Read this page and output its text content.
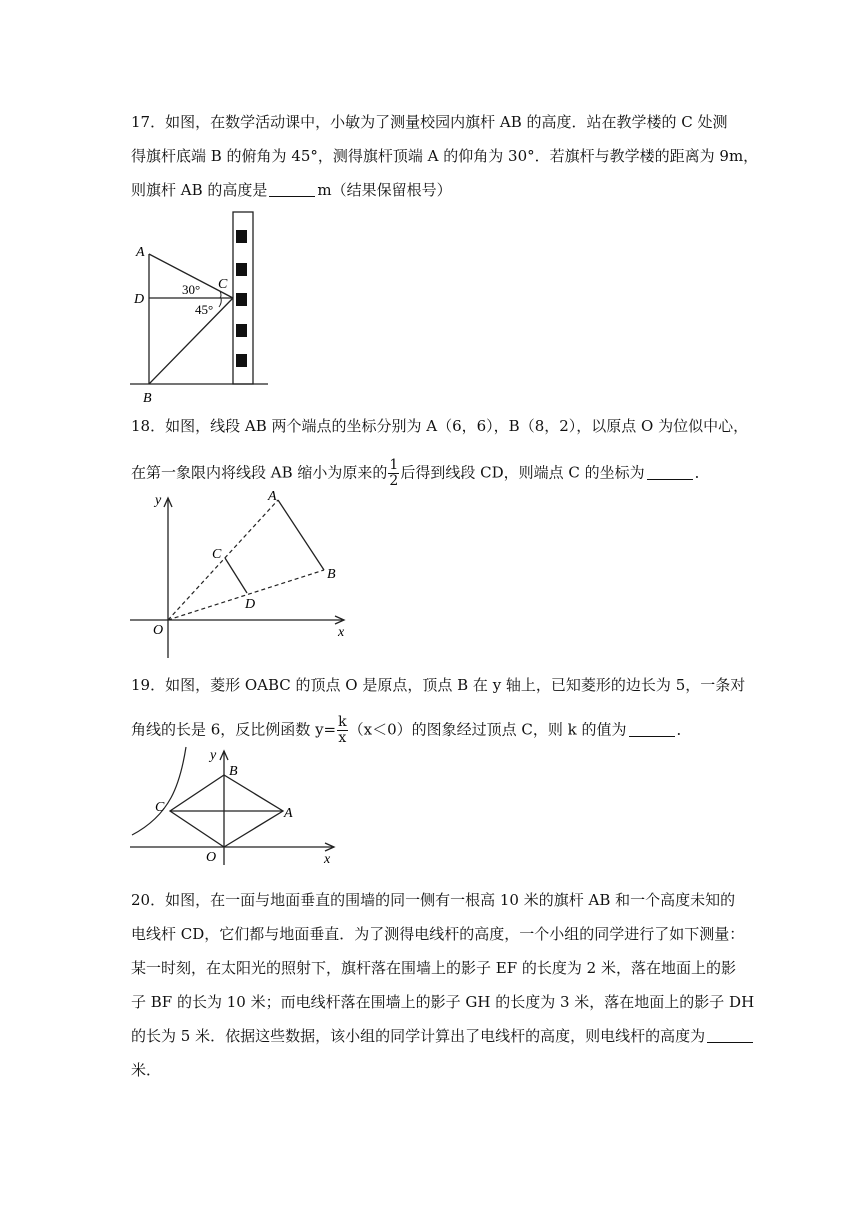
17．如图，在数学活动课中，小敏为了测量校园内旗杆 AB 的高度．站在教学楼的 C 处测
得旗杆底端 B 的俯角为 45°，测得旗杆顶端 A 的仰角为 30°．若旗杆与教学楼的距离为 9m，
则旗杆 AB 的高度是	m（结果保留根号）
A
D
B
C
30°
45°
18．如图，线段 AB 两个端点的坐标分别为 A（6，6），B（8，2），以原点 O 为位似中心，
在第一象限内将线段 AB 缩小为原来的 $\frac{1}{2}$ 后得到线段 CD，则端点 C 的坐标为	．
y
x
O
A
B
C
D
19．如图，菱形 OABC 的顶点 O 是原点，顶点 B 在 y 轴上，已知菱形的边长为 5，一条对
角线的长是 6，反比例函数 $y= \frac{k}{x} (x<0)$的图象经过顶点 C，则 k 的值为	．
y
x
O
B
A
C
20．如图，在一面与地面垂直的围墙的同一侧有一根高 10 米的旗杆 AB 和一个高度未知的
电线杆 CD，它们都与地面垂直．为了测得电线杆的高度，一个小组的同学进行了如下测量：
某一时刻，在太阳光的照射下，旗杆落在围墙上的影子 EF 的长度为 2 米，落在地面上的影
子 BF 的长为 10 米；而电线杆落在围墙上的影子 GH 的长度为 3 米，落在地面上的影子 DH
的长为 5 米．依据这些数据，该小组的同学计算出了电线杆的高度，则电线杆的高度为
米．
